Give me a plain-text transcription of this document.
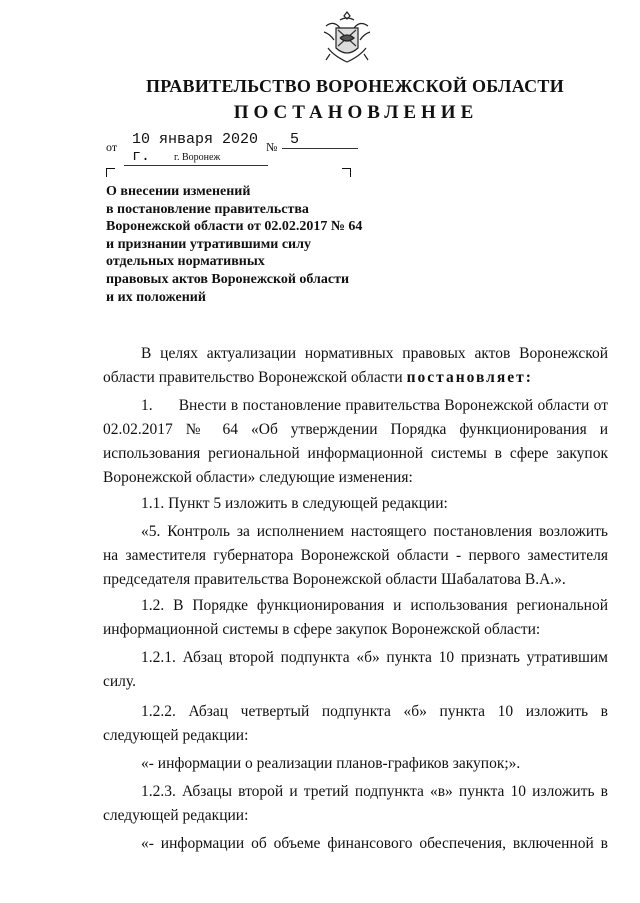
ПРАВИТЕЛЬСТВО ВОРОНЕЖСКОЙ ОБЛАСТИ
ПОСТАНОВЛЕНИЕ
от 10 января 2020 г.
№ 5
г. Воронеж
О внесении изменений
в постановление правительства
Воронежской области от 02.02.2017 № 64
и признании утратившими силу
отдельных нормативных
правовых актов Воронежской области
и их положений
В целях актуализации нормативных правовых актов Воронежской области правительство Воронежской области постановляет:
1. Внести в постановление правительства Воронежской области от 02.02.2017 № 64 «Об утверждении Порядка функционирования и использования региональной информационной системы в сфере закупок Воронежской области» следующие изменения:
1.1. Пункт 5 изложить в следующей редакции:
«5. Контроль за исполнением настоящего постановления возложить на заместителя губернатора Воронежской области - первого заместителя председателя правительства Воронежской области Шабалатова В.А.».
1.2. В Порядке функционирования и использования региональной информационной системы в сфере закупок Воронежской области:
1.2.1. Абзац второй подпункта «б» пункта 10 признать утратившим силу.
1.2.2. Абзац четвертый подпункта «б» пункта 10 изложить в следующей редакции:
«- информации о реализации планов-графиков закупок;».
1.2.3. Абзацы второй и третий подпункта «в» пункта 10 изложить в следующей редакции:
«- информации об объеме финансового обеспечения, включенной в
